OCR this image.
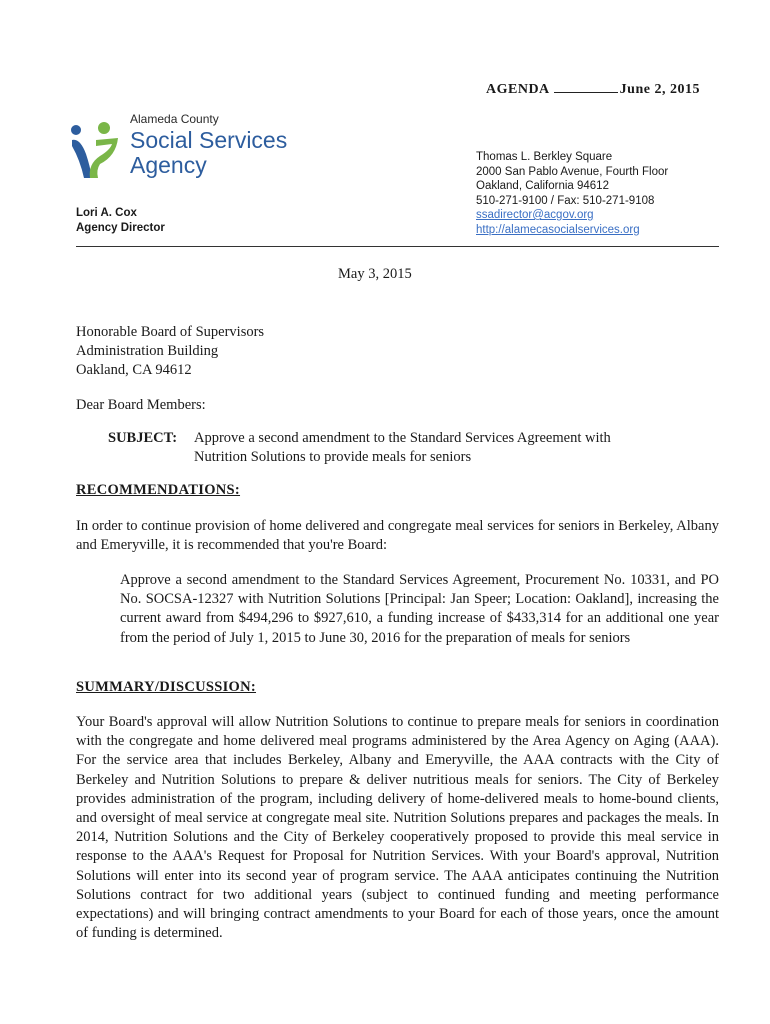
AGENDA	June 2, 2015
Alameda County
Social Services
Agency
Lori A. Cox
Agency Director
Thomas L. Berkley Square
2000 San Pablo Avenue, Fourth Floor
Oakland, California 94612
510-271-9100 / Fax: 510-271-9108
ssadirector@acgov.org
http://alamecasocialservices.org
May 3, 2015
Honorable Board of Supervisors
Administration Building
Oakland, CA 94612
Dear Board Members:
SUBJECT: Approve a second amendment to the Standard Services Agreement with
Nutrition Solutions to provide meals for seniors
RECOMMENDATIONS:
In order to continue provision of home delivered and congregate meal services for seniors in Berkeley, Albany and Emeryville, it is recommended that you're Board:
Approve a second amendment to the Standard Services Agreement, Procurement No. 10331, and PO No. SOCSA-12327 with Nutrition Solutions [Principal: Jan Speer; Location: Oakland], increasing the current award from $494,296 to $927,610, a funding increase of $433,314 for an additional one year from the period of July 1, 2015 to June 30, 2016 for the preparation of meals for seniors
SUMMARY/DISCUSSION:
Your Board's approval will allow Nutrition Solutions to continue to prepare meals for seniors in coordination with the congregate and home delivered meal programs administered by the Area Agency on Aging (AAA). For the service area that includes Berkeley, Albany and Emeryville, the AAA contracts with the City of Berkeley and Nutrition Solutions to prepare & deliver nutritious meals for seniors. The City of Berkeley provides administration of the program, including delivery of home-delivered meals to home-bound clients, and oversight of meal service at congregate meal site. Nutrition Solutions prepares and packages the meals. In 2014, Nutrition Solutions and the City of Berkeley cooperatively proposed to provide this meal service in response to the AAA's Request for Proposal for Nutrition Services. With your Board's approval, Nutrition Solutions will enter into its second year of program service. The AAA anticipates continuing the Nutrition Solutions contract for two additional years (subject to continued funding and meeting performance expectations) and will bringing contract amendments to your Board for each of those years, once the amount of funding is determined.
